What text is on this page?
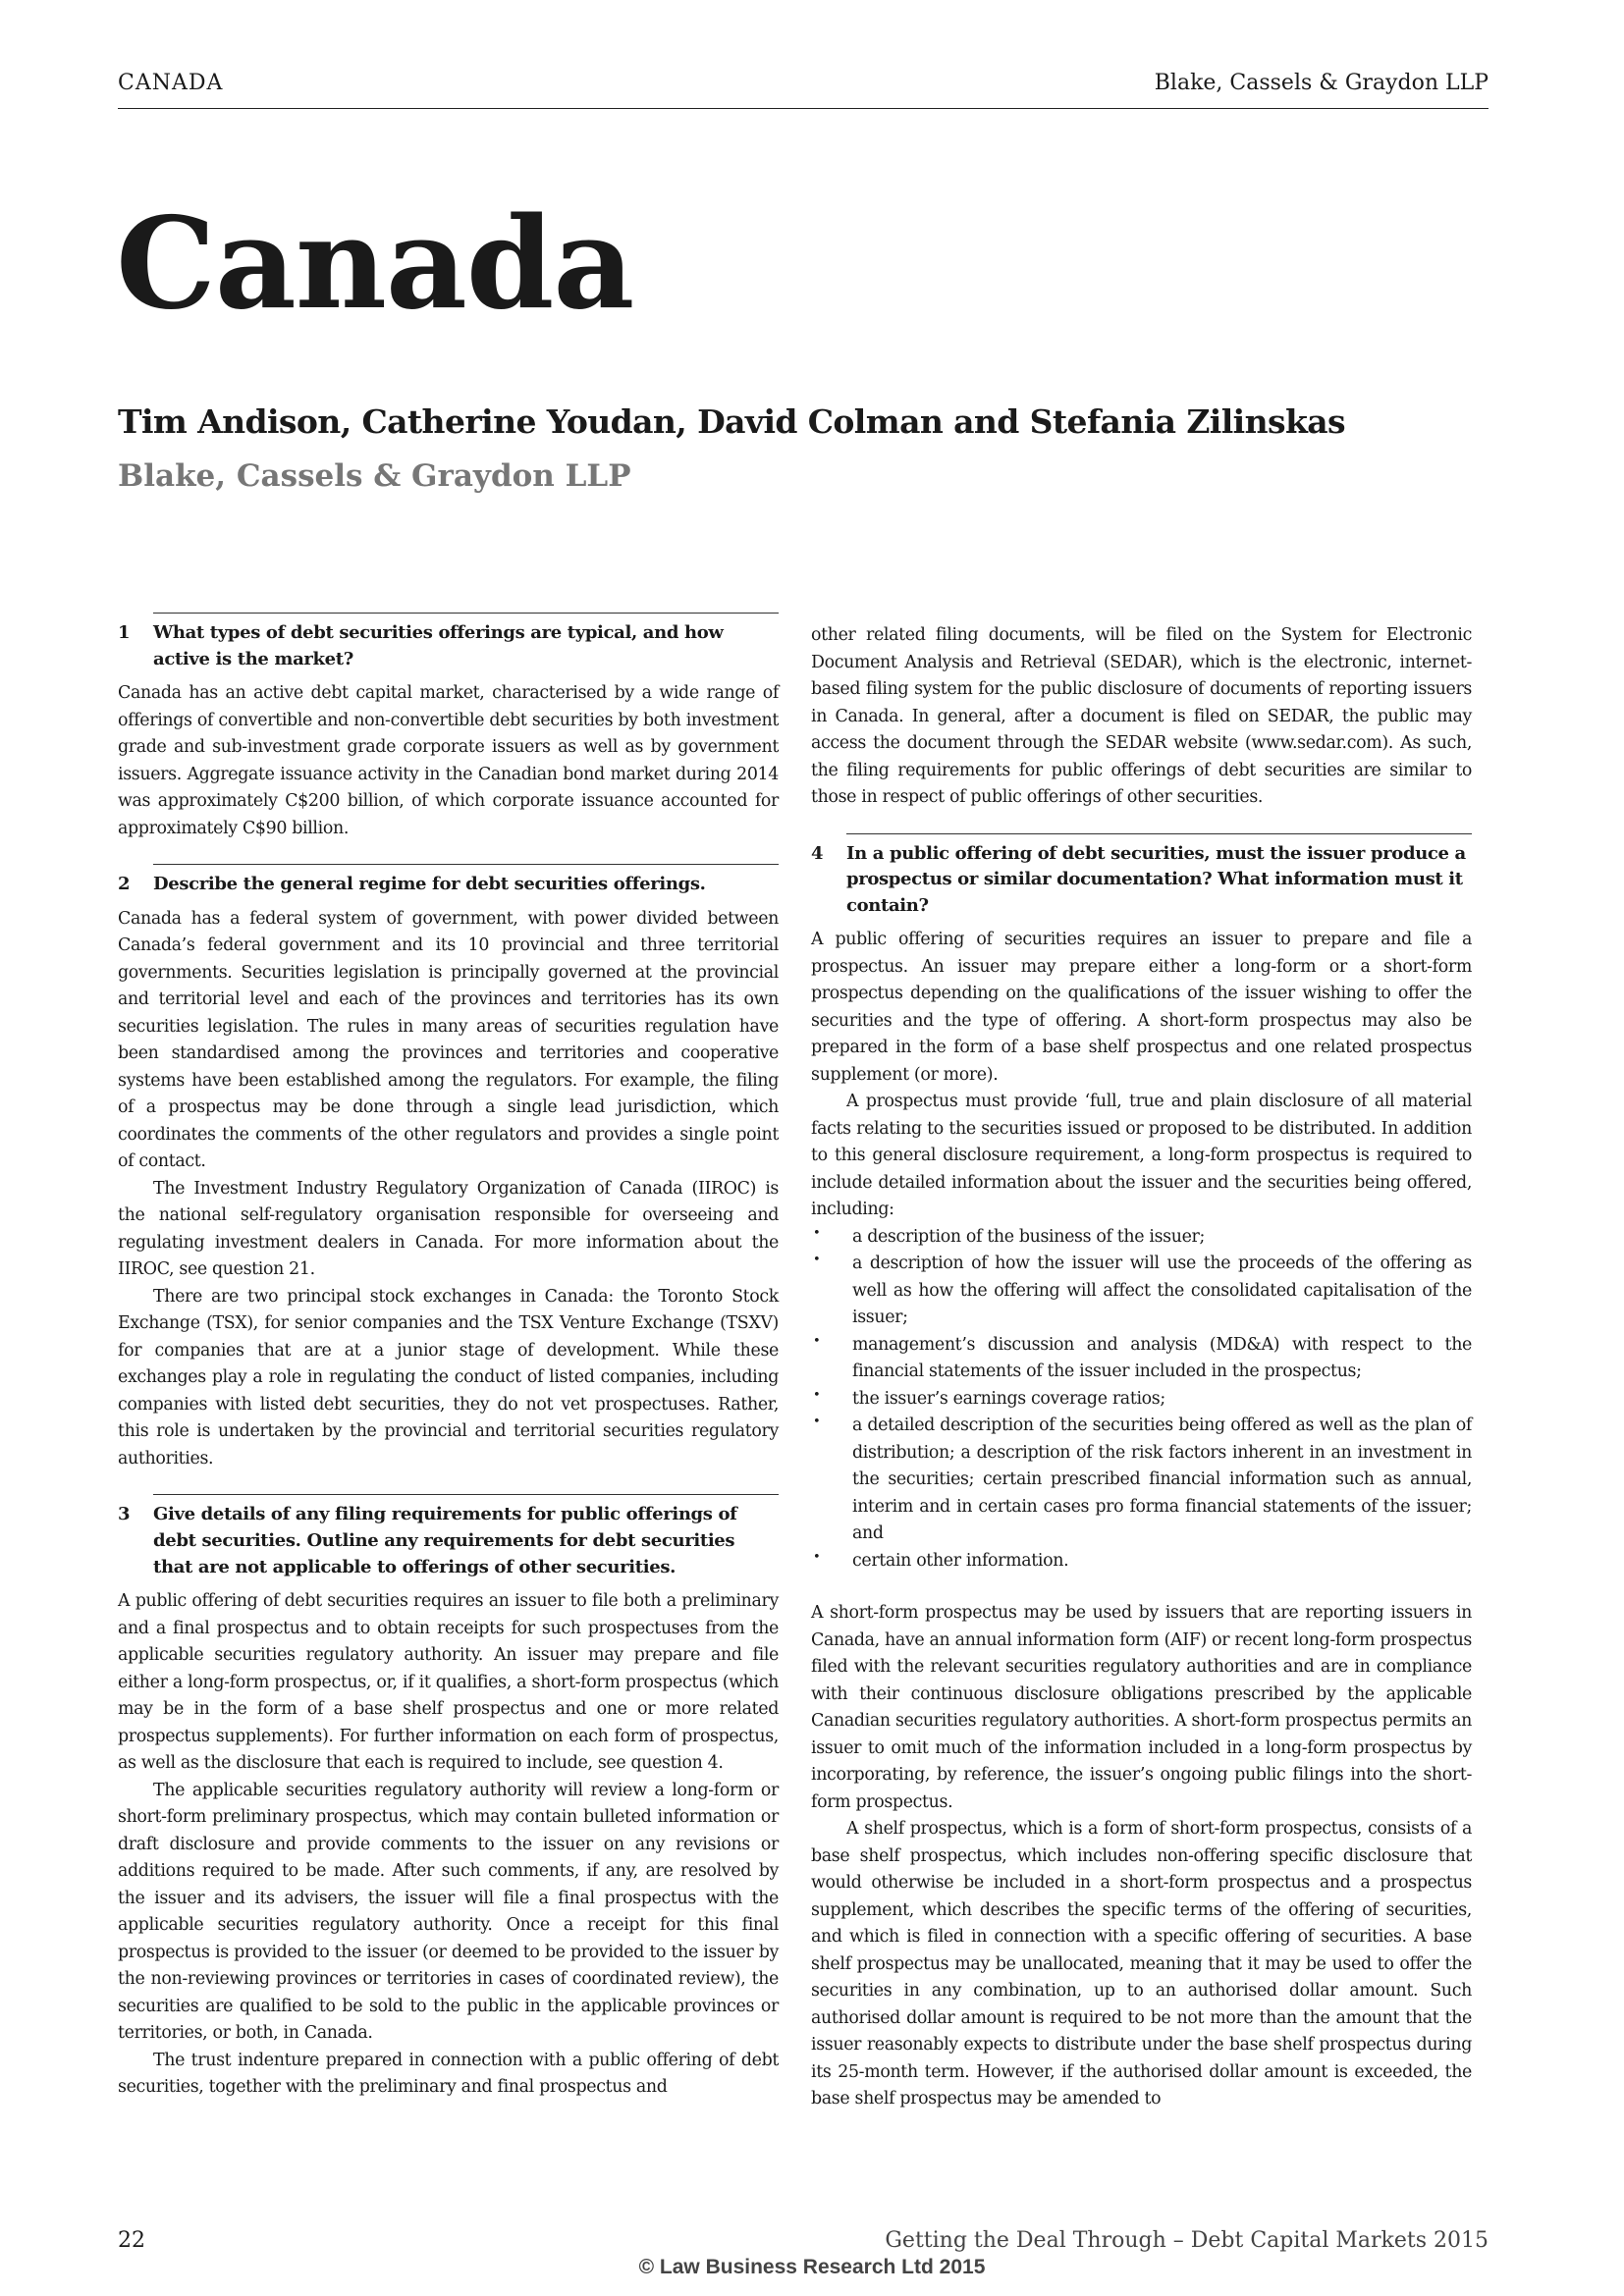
CANADA	Blake, Cassels & Graydon LLP
Canada
Tim Andison, Catherine Youdan, David Colman and Stefania Zilinskas
Blake, Cassels & Graydon LLP
1 What types of debt securities offerings are typical, and how active is the market?

Canada has an active debt capital market, characterised by a wide range of offerings of convertible and non-convertible debt securities by both investment grade and sub-investment grade corporate issuers as well as by government issuers. Aggregate issuance activity in the Canadian bond market during 2014 was approximately C$200 billion, of which corporate issuance accounted for approximately C$90 billion.

2 Describe the general regime for debt securities offerings.

Canada has a federal system of government, with power divided between Canada’s federal government and its 10 provincial and three territorial governments. Securities legislation is principally governed at the provincial and territorial level and each of the provinces and territories has its own securities legislation. The rules in many areas of securities regulation have been standardised among the provinces and territories and cooperative systems have been established among the regulators. For example, the filing of a prospectus may be done through a single lead jurisdiction, which coordinates the comments of the other regulators and provides a single point of contact.

The Investment Industry Regulatory Organization of Canada (IIROC) is the national self-regulatory organisation responsible for overseeing and regulating investment dealers in Canada. For more information about the IIROC, see question 21.

There are two principal stock exchanges in Canada: the Toronto Stock Exchange (TSX), for senior companies and the TSX Venture Exchange (TSXV) for companies that are at a junior stage of development. While these exchanges play a role in regulating the conduct of listed companies, including companies with listed debt securities, they do not vet prospectuses. Rather, this role is undertaken by the provincial and territorial securities regulatory authorities.

3 Give details of any filing requirements for public offerings of debt securities. Outline any requirements for debt securities that are not applicable to offerings of other securities.

A public offering of debt securities requires an issuer to file both a preliminary and a final prospectus and to obtain receipts for such prospectuses from the applicable securities regulatory authority. An issuer may prepare and file either a long-form prospectus, or, if it qualifies, a short-form prospectus (which may be in the form of a base shelf prospectus and one or more related prospectus supplements). For further information on each form of prospectus, as well as the disclosure that each is required to include, see question 4.

The applicable securities regulatory authority will review a long-form or short-form preliminary prospectus, which may contain bulleted information or draft disclosure and provide comments to the issuer on any revisions or additions required to be made. After such comments, if any, are resolved by the issuer and its advisers, the issuer will file a final prospectus with the applicable securities regulatory authority. Once a receipt for this final prospectus is provided to the issuer (or deemed to be provided to the issuer by the non-reviewing provinces or territories in cases of coordinated review), the securities are qualified to be sold to the public in the applicable provinces or territories, or both, in Canada.

The trust indenture prepared in connection with a public offering of debt securities, together with the preliminary and final prospectus and

other related filing documents, will be filed on the System for Electronic Document Analysis and Retrieval (SEDAR), which is the electronic, internet-based filing system for the public disclosure of documents of reporting issuers in Canada. In general, after a document is filed on SEDAR, the public may access the document through the SEDAR website (www.sedar.com). As such, the filing requirements for public offerings of debt securities are similar to those in respect of public offerings of other securities.

4 In a public offering of debt securities, must the issuer produce a prospectus or similar documentation? What information must it contain?

A public offering of securities requires an issuer to prepare and file a prospectus. An issuer may prepare either a long-form or a short-form prospectus depending on the qualifications of the issuer wishing to offer the securities and the type of offering. A short-form prospectus may also be prepared in the form of a base shelf prospectus and one related prospectus supplement (or more).

A prospectus must provide ‘full, true and plain disclosure of all material facts relating to the securities issued or proposed to be distributed. In addition to this general disclosure requirement, a long-form prospectus is required to include detailed information about the issuer and the securities being offered, including:

• a description of the business of the issuer;
• a description of how the issuer will use the proceeds of the offering as well as how the offering will affect the consolidated capitalisation of the issuer;
• management’s discussion and analysis (MD&A) with respect to the financial statements of the issuer included in the prospectus;
• the issuer’s earnings coverage ratios;
• a detailed description of the securities being offered as well as the plan of distribution; a description of the risk factors inherent in an investment in the securities; certain prescribed financial information such as annual, interim and in certain cases pro forma financial statements of the issuer; and
• certain other information.

A short-form prospectus may be used by issuers that are reporting issuers in Canada, have an annual information form (AIF) or recent long-form prospectus filed with the relevant securities regulatory authorities and are in compliance with their continuous disclosure obligations prescribed by the applicable Canadian securities regulatory authorities. A short-form prospectus permits an issuer to omit much of the information included in a long-form prospectus by incorporating, by reference, the issuer’s ongoing public filings into the short-form prospectus.

A shelf prospectus, which is a form of short-form prospectus, consists of a base shelf prospectus, which includes non-offering specific disclosure that would otherwise be included in a short-form prospectus and a prospectus supplement, which describes the specific terms of the offering of securities, and which is filed in connection with a specific offering of securities. A base shelf prospectus may be unallocated, meaning that it may be used to offer the securities in any combination, up to an authorised dollar amount. Such authorised dollar amount is required to be not more than the amount that the issuer reasonably expects to distribute under the base shelf prospectus during its 25-month term. However, if the authorised dollar amount is exceeded, the base shelf prospectus may be amended to

22	Getting the Deal Through – Debt Capital Markets 2015
© Law Business Research Ltd 2015
